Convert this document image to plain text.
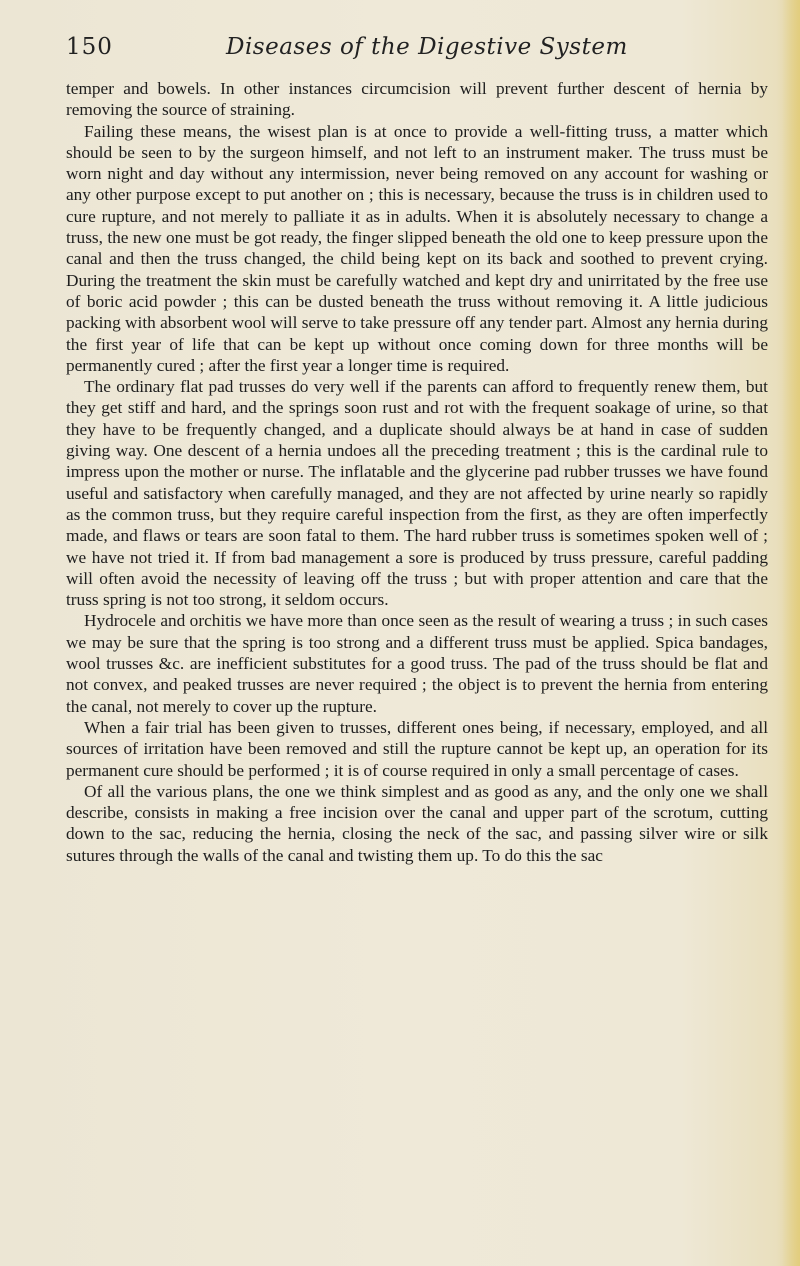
150	Diseases of the Digestive System

temper and bowels. In other instances circumcision will prevent further descent of hernia by removing the source of straining.

Failing these means, the wisest plan is at once to provide a well-fitting truss, a matter which should be seen to by the surgeon himself, and not left to an instrument maker. The truss must be worn night and day without any intermission, never being removed on any account for washing or any other purpose except to put another on ; this is necessary, because the truss is in children used to cure rupture, and not merely to palliate it as in adults. When it is absolutely necessary to change a truss, the new one must be got ready, the finger slipped beneath the old one to keep pressure upon the canal and then the truss changed, the child being kept on its back and soothed to prevent crying. During the treatment the skin must be carefully watched and kept dry and unirritated by the free use of boric acid powder ; this can be dusted beneath the truss without removing it. A little judicious packing with absorbent wool will serve to take pressure off any tender part. Almost any hernia during the first year of life that can be kept up without once coming down for three months will be permanently cured ; after the first year a longer time is required.

The ordinary flat pad trusses do very well if the parents can afford to frequently renew them, but they get stiff and hard, and the springs soon rust and rot with the frequent soakage of urine, so that they have to be frequently changed, and a duplicate should always be at hand in case of sudden giving way. One descent of a hernia undoes all the preceding treatment ; this is the cardinal rule to impress upon the mother or nurse. The inflatable and the glycerine pad rubber trusses we have found useful and satisfactory when carefully managed, and they are not affected by urine nearly so rapidly as the common truss, but they require careful inspection from the first, as they are often imperfectly made, and flaws or tears are soon fatal to them. The hard rubber truss is sometimes spoken well of ; we have not tried it. If from bad management a sore is produced by truss pressure, careful padding will often avoid the necessity of leaving off the truss ; but with proper attention and care that the truss spring is not too strong, it seldom occurs.

Hydrocele and orchitis we have more than once seen as the result of wearing a truss ; in such cases we may be sure that the spring is too strong and a different truss must be applied. Spica bandages, wool trusses &c. are inefficient substitutes for a good truss. The pad of the truss should be flat and not convex, and peaked trusses are never required ; the object is to prevent the hernia from entering the canal, not merely to cover up the rupture.

When a fair trial has been given to trusses, different ones being, if necessary, employed, and all sources of irritation have been removed and still the rupture cannot be kept up, an operation for its permanent cure should be performed ; it is of course required in only a small percentage of cases.

Of all the various plans, the one we think simplest and as good as any, and the only one we shall describe, consists in making a free incision over the canal and upper part of the scrotum, cutting down to the sac, reducing the hernia, closing the neck of the sac, and passing silver wire or silk sutures through the walls of the canal and twisting them up. To do this the sac
